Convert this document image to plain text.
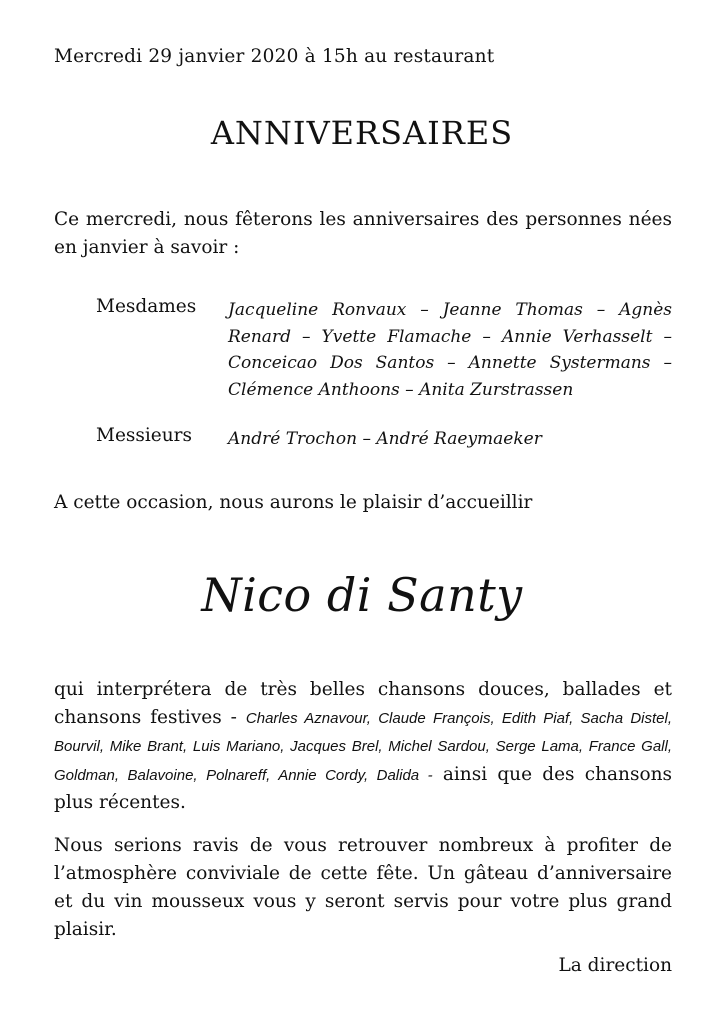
Mercredi 29 janvier 2020 à 15h au restaurant

ANNIVERSAIRES

Ce mercredi, nous fêterons les anniversaires des personnes nées en janvier à savoir :

Mesdames Jacqueline Ronvaux – Jeanne Thomas – Agnès Renard – Yvette Flamache – Annie Verhasselt – Conceicao Dos Santos – Annette Systermans – Clémence Anthoons – Anita Zurstrassen

Messieurs André Trochon – André Raeymaeker

A cette occasion, nous aurons le plaisir d’accueillir

Nico di Santy

qui interprétera de très belles chansons douces, ballades et chansons festives - Charles Aznavour, Claude François, Edith Piaf, Sacha Distel, Bourvil, Mike Brant, Luis Mariano, Jacques Brel, Michel Sardou, Serge Lama, France Gall, Goldman, Balavoine, Polnareff, Annie Cordy, Dalida - ainsi que des chansons plus récentes.

Nous serions ravis de vous retrouver nombreux à profiter de l’atmosphère conviviale de cette fête. Un gâteau d’anniversaire et du vin mousseux vous y seront servis pour votre plus grand plaisir.

La direction
